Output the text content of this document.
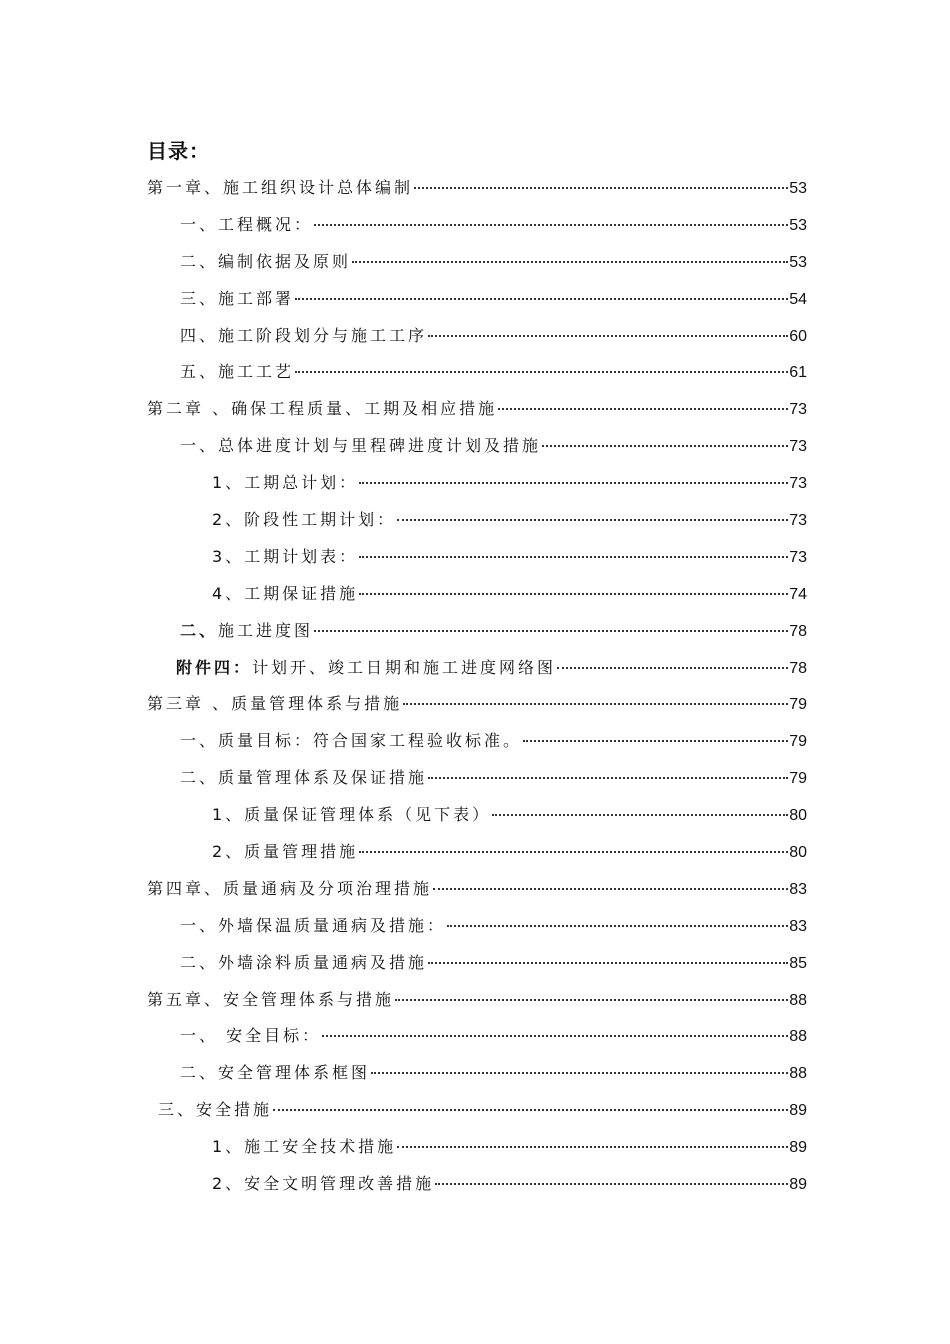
目录：
第一章、施工组织设计总体编制	53
一、工程概况：	53
二、编制依据及原则	53
三、施工部署	54
四、施工阶段划分与施工工序	60
五、施工工艺	61
第二章 、确保工程质量、工期及相应措施	73
一、总体进度计划与里程碑进度计划及措施	73
1、工期总计划：	73
2、阶段性工期计划：	73
3、工期计划表：	73
4、工期保证措施	74
二、施工进度图	78
附件四：计划开、竣工日期和施工进度网络图	78
第三章 、质量管理体系与措施	79
一、质量目标：符合国家工程验收标准。	79
二、质量管理体系及保证措施	79
1、质量保证管理体系（见下表）	80
2、质量管理措施	80
第四章、质量通病及分项治理措施	83
一、外墙保温质量通病及措施：	83
二、外墙涂料质量通病及措施	85
第五章、安全管理体系与措施	88
一、 安全目标：	88
二、安全管理体系框图	88
三、安全措施	89
1、施工安全技术措施	89
2、安全文明管理改善措施	89
